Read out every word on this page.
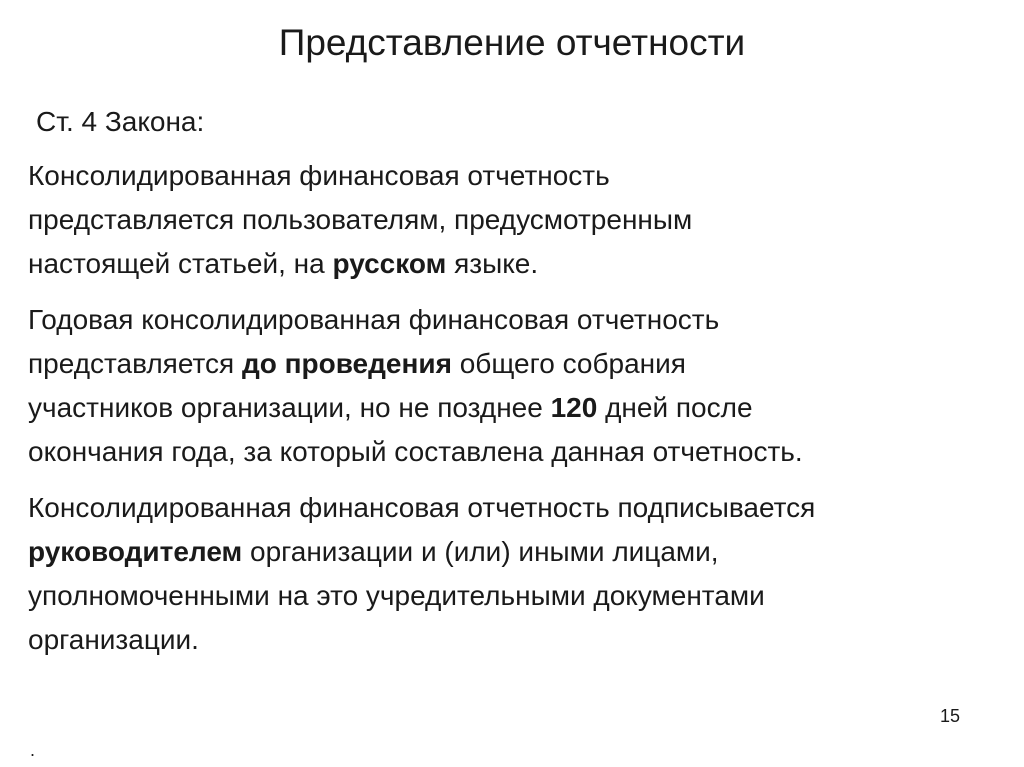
Представление отчетности
Ст. 4 Закона:
Консолидированная финансовая отчетность
представляется пользователям, предусмотренным
настоящей статьей, на русском языке.
Годовая консолидированная финансовая отчетность
представляется до проведения общего собрания
участников организации, но не позднее 120 дней после
окончания года, за который составлена данная отчетность.
Консолидированная финансовая отчетность подписывается
руководителем организации и (или) иными лицами,
уполномоченными на это учредительными документами
организации.
15
.
